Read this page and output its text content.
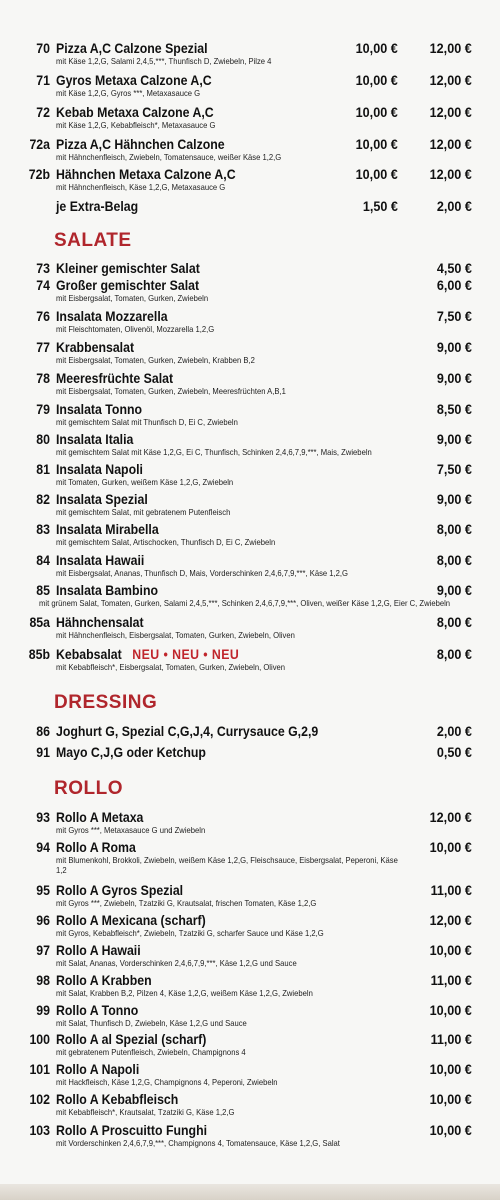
70 Pizza A,C Calzone Spezial
mit Käse 1,2,G, Salami 2,4,5,***, Thunfisch D, Zwiebeln, Pilze 4
10,00 € 12,00 €
71 Gyros Metaxa Calzone A,C
mit Käse 1,2,G, Gyros ***, Metaxasauce G
10,00 € 12,00 €
72 Kebab Metaxa Calzone A,C
mit Käse 1,2,G, Kebabfleisch*, Metaxasauce G
10,00 € 12,00 €
72a Pizza A,C Hähnchen Calzone
mit Hähnchenfleisch, Zwiebeln, Tomatensauce, weißer Käse 1,2,G
10,00 € 12,00 €
72b Hähnchen Metaxa Calzone A,C
mit Hähnchenfleisch, Käse 1,2,G, Metaxasauce G
10,00 € 12,00 €
je Extra-Belag	1,50 €	2,00 €
SALATE
73 Kleiner gemischter Salat	4,50 €
74 Großer gemischter Salat
mit Eisbergsalat, Tomaten, Gurken, Zwiebeln
6,00 €
76 Insalata Mozzarella
mit Fleischtomaten, Olivenöl, Mozzarella 1,2,G
7,50 €
77 Krabbensalat
mit Eisbergsalat, Tomaten, Gurken, Zwiebeln, Krabben B,2
9,00 €
78 Meeresfrüchte Salat
mit Eisbergsalat, Tomaten, Gurken, Zwiebeln, Meeresfrüchten A,B,1
9,00 €
79 Insalata Tonno
mit gemischtem Salat mit Thunfisch D, Ei C, Zwiebeln
8,50 €
80 Insalata Italia
mit gemischtem Salat mit Käse 1,2,G, Ei C, Thunfisch, Schinken 2,4,6,7,9,***, Mais, Zwiebeln
9,00 €
81 Insalata Napoli
mit Tomaten, Gurken, weißem Käse 1,2,G, Zwiebeln
7,50 €
82 Insalata Spezial
mit gemischtem Salat, mit gebratenem Putenfleisch
9,00 €
83 Insalata Mirabella
mit gemischtem Salat, Artischocken, Thunfisch D, Ei C, Zwiebeln
8,00 €
84 Insalata Hawaii
mit Eisbergsalat, Ananas, Thunfisch D, Mais, Vorderschinken 2,4,6,7,9,***, Käse 1,2,G
8,00 €
85 Insalata Bambino
mit grünem Salat, Tomaten, Gurken, Salami 2,4,5,***, Schinken 2,4,6,7,9,***, Oliven, weißer Käse 1,2,G, Eier C, Zwiebeln
9,00 €
85a Hähnchensalat
mit Hähnchenfleisch, Eisbergsalat, Tomaten, Gurken, Zwiebeln, Oliven
8,00 €
85b Kebabsalat NEU • NEU • NEU
mit Kebabfleisch*, Eisbergsalat, Tomaten, Gurken, Zwiebeln, Oliven
8,00 €
DRESSING
86 Joghurt G, Spezial C,G,J,4, Currysauce G,2,9	2,00 €
91 Mayo C,J,G oder Ketchup	0,50 €
ROLLO
93 Rollo A Metaxa
mit Gyros ***, Metaxasauce G und Zwiebeln
12,00 €
94 Rollo A Roma
mit Blumenkohl, Brokkoli, Zwiebeln, weißem Käse 1,2,G, Fleischsauce, Eisbergsalat, Peperoni, Käse 1,2
10,00 €
95 Rollo A Gyros Spezial
mit Gyros ***, Zwiebeln, Tzatziki G, Krautsalat, frischen Tomaten, Käse 1,2,G
11,00 €
96 Rollo A Mexicana (scharf)
mit Gyros, Kebabfleisch*, Zwiebeln, Tzatziki G, scharfer Sauce und Käse 1,2,G
12,00 €
97 Rollo A Hawaii
mit Salat, Ananas, Vorderschinken 2,4,6,7,9,***, Käse 1,2,G und Sauce
10,00 €
98 Rollo A Krabben
mit Salat, Krabben B,2, Pilzen 4, Käse 1,2,G, weißem Käse 1,2,G, Zwiebeln
11,00 €
99 Rollo A Tonno
mit Salat, Thunfisch D, Zwiebeln, Käse 1,2,G und Sauce
10,00 €
100 Rollo A al Spezial (scharf)
mit gebratenem Putenfleisch, Zwiebeln, Champignons 4
11,00 €
101 Rollo A Napoli
mit Hackfleisch, Käse 1,2,G, Champignons 4, Peperoni, Zwiebeln
10,00 €
102 Rollo A Kebabfleisch
mit Kebabfleisch*, Krautsalat, Tzatziki G, Käse 1,2,G
10,00 €
103 Rollo A Proscuitto Funghi
mit Vorderschinken 2,4,6,7,9,***, Champignons 4, Tomatensauce, Käse 1,2,G, Salat
10,00 €
